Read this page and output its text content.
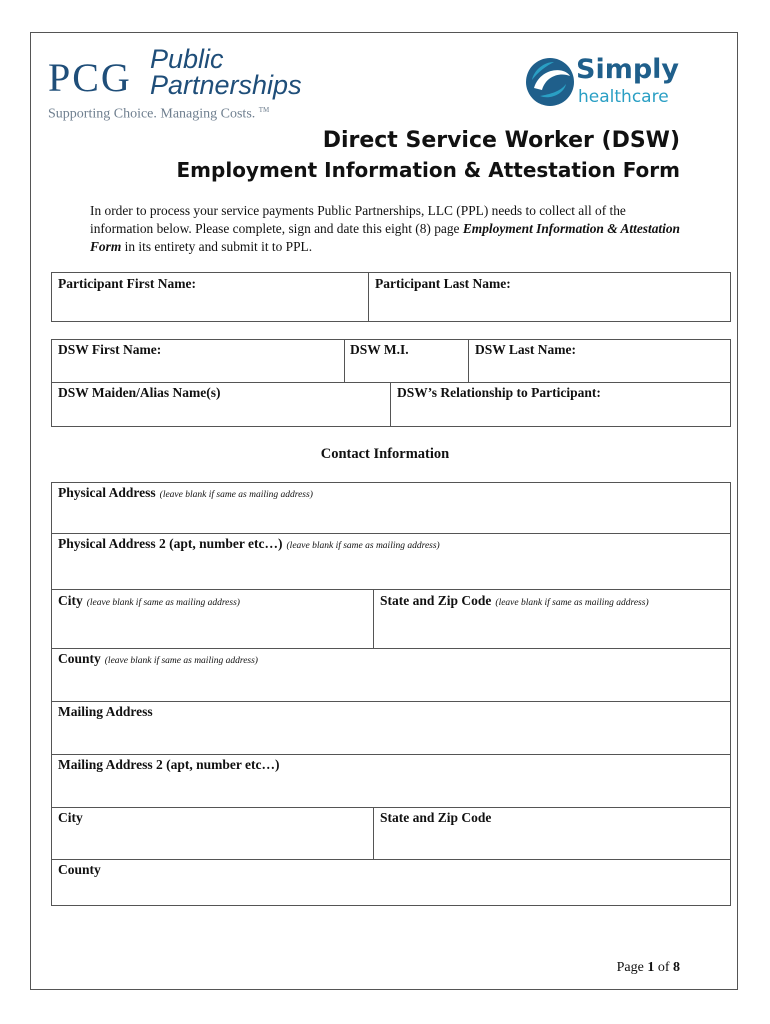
PCG Public
Partnerships
Supporting Choice. Managing Costs. ™
Simply
healthcare
Direct Service Worker (DSW)
Employment Information & Attestation Form
In order to process your service payments Public Partnerships, LLC (PPL) needs to collect all of the information below. Please complete, sign and date this eight (8) page Employment Information & Attestation Form in its entirety and submit it to PPL.
Participant First Name:	Participant Last Name:
DSW First Name:	DSW M.I.	DSW Last Name:
DSW Maiden/Alias Name(s)	DSW’s Relationship to Participant:
Contact Information
Physical Address (leave blank if same as mailing address)
Physical Address 2 (apt, number etc…) (leave blank if same as mailing address)
City (leave blank if same as mailing address)	State and Zip Code (leave blank if same as mailing address)
County (leave blank if same as mailing address)
Mailing Address
Mailing Address 2 (apt, number etc…)
City	State and Zip Code
County
Page 1 of 8
